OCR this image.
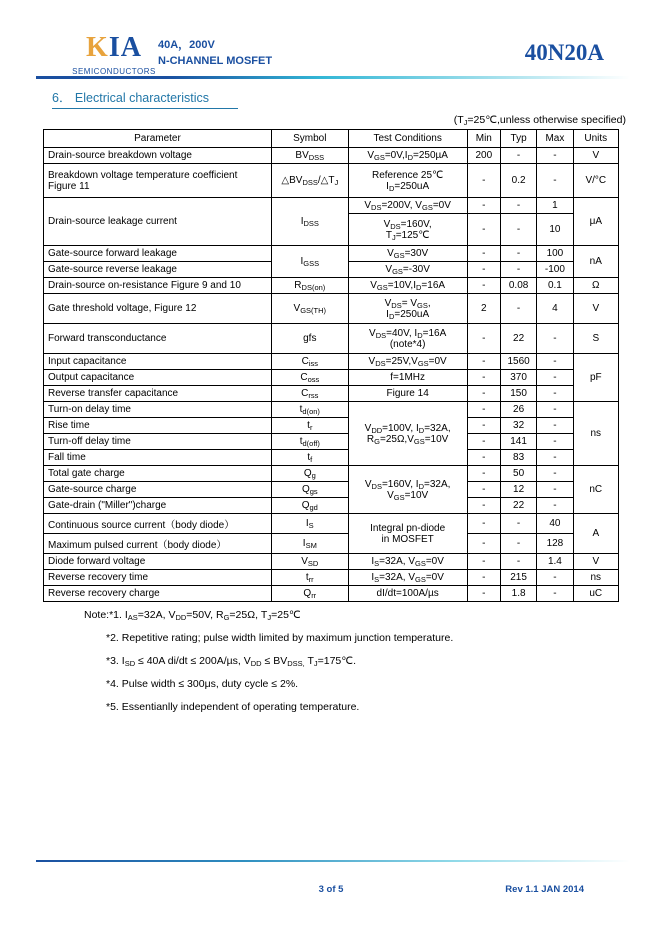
KIA
SEMICONDUCTORS
40A，200V
N-CHANNEL MOSFET	40N20A
6． Electrical characteristics
($T_J=25℃,unless$ otherwise specified)
Parameter	Symbol	Test Conditions	Min	Typ	Max	Units
Drain-source breakdown voltage	$BV_{DSS}$	$V_{GS}=0V,I_D=250\mu A$	200	-	-	V
Breakdown voltage temperature coefficient Figure 11	$\triangle BV_{DSS}/\triangle T_J$	Reference 25℃
$I_D=250uA$	-	0.2	-	V/°C
Drain-source leakage current	$I_{DSS}$	$V_{DS}=200V$, $V_{GS}=0V$	-	-	1	μA
		$V_{DS}=160V$,
$T_J=125℃$	-	-	10	
Gate-source forward leakage	$I_{GSS}$	$V_{GS}=30V$	-	-	100	nA
Gate-source reverse leakage		$V_{GS}=-30V$	-	-	-100	
Drain-source on-resistance Figure 9 and 10	$R_{DS(on)}$	$V_{GS}=10V,I_D=16A$	-	0.08	0.1	Ω
Gate threshold voltage, Figure 12	$V_{GS(TH)}$	$V_{DS}= V_{GS}$,
$I_D=250uA$	2	-	4	V
Forward transconductance	gfs	$V_{DS}=40V$, $I_D=16A$
(note*4)	-	22	-	S
Input capacitance	$C_{iss}$	$V_{DS}=25V,V_{GS}=0V$	-	1560	-	pF
Output capacitance	$C_{oss}$	f=1MHz	-	370	-	
Reverse transfer capacitance	$C_{rss}$	Figure 14	-	150	-	
Turn-on delay time	$t_{d(on)}$	$V_{DD}=100V$, $I_D=32A$,
$R_G=25\Omega,V_{GS}=10V$	-	26	-	ns
Rise time	$t_r$		-	32	-	
Turn-off delay time	$t_{d(off)}$		-	141	-	
Fall time	$t_f$		-	83	-	
Total gate charge	$Q_g$	$V_{DS}=160V$, $I_D=32A$,
$V_{GS}=10V$	-	50	-	nC
Gate-source charge	$Q_{gs}$		-	12	-	
Gate-drain ("Miller")charge	$Q_{gd}$		-	22	-	
Continuous source current（body diode）	$I_S$	Integral pn-diode
in MOSFET	-	-	40	A
Maximum pulsed current（body diode）	$I_{SM}$		-	-	128	
Diode forward voltage	$V_{SD}$	$I_S=32A$, $V_{GS}=0V$	-	-	1.4	V
Reverse recovery time	$t_{rr}$	$I_S=32A$, $V_{GS}=0V$	-	215	-	ns
Reverse recovery charge	$Q_{rr}$	dI/dt=100A/µs	-	1.8	-	uC
Note:*1. $I_{AS}=32A$, $V_{DD}=50V$, $R_G=25\Omega$, $T_J=25℃$
*2. Repetitive rating; pulse width limited by maximum junction temperature.
*3. $I_{SD} \le 40A$ di/dt ≤ 200A/µs, $V_{DD} \le BV_{DSS,}$ $T_J=175℃$.
*4. Pulse width ≤ 300μs, duty cycle ≤ 2%.
*5. Essentianlly independent of operating temperature.
3 of 5	Rev 1.1 JAN 2014
